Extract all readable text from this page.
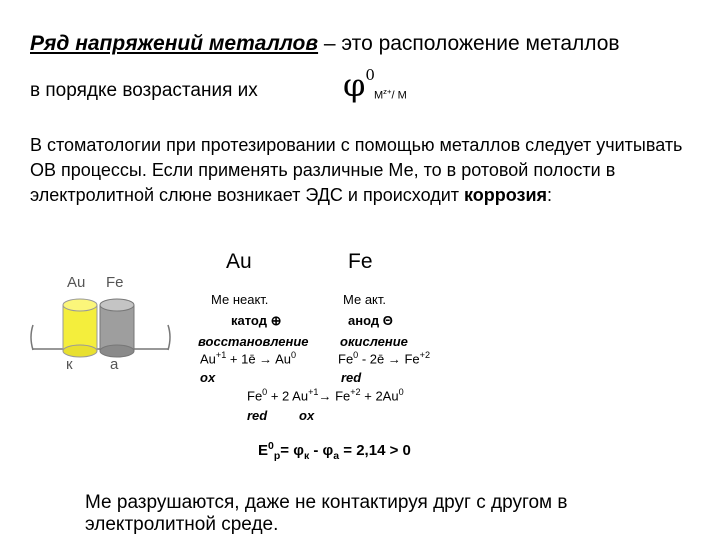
Ряд напряжений металлов – это расположение металлов
в порядке возрастания их	$\varphi^0$
$M^{z+}/$ M
В стоматологии при протезировании с помощью металлов следует учитывать ОВ процессы. Если применять различные Ме, то в ротовой полости в электролитной слюне возникает ЭДС и происходит коррозия:
Au	Fe
Au Fe
к a
Ме неакт.	Ме акт.
катод ⊕	анод Θ
восстановление окисление
$Au^{+1}$ + 1ē → $Au^0$	Fe$^0$ - 2ē → $Fe^{+2}$
ox	red
$Fe^0 + 2$ $Au^{+1}\to Fe^{+2} + 2Au^0$
red ox
$E^0_р= \varphi_к - \varphi_a = 2,14 > 0$
Ме разрушаются, даже не контактируя друг с другом в электролитной среде.
